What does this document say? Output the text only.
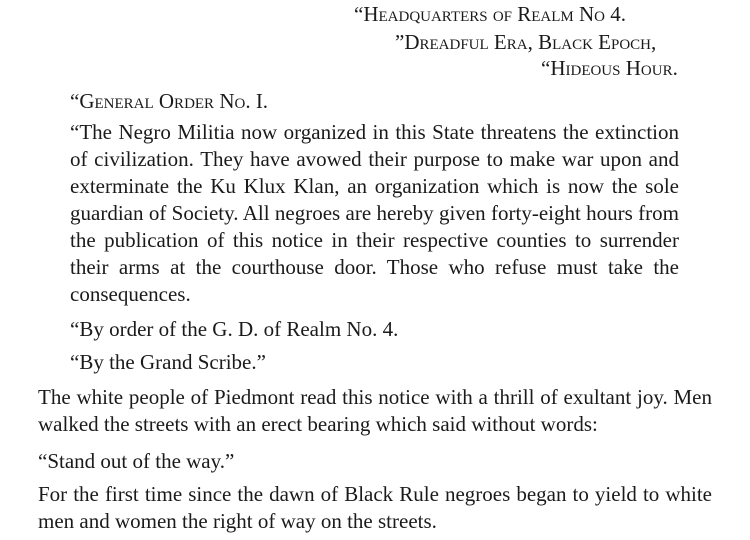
“Headquarters of Realm No 4.
”Dreadful Era, Black Epoch,
“Hideous Hour.
“General Order No. I.

“The Negro Militia now organized in this State threatens the extinction of civilization. They have avowed their purpose to make war upon and exterminate the Ku Klux Klan, an organization which is now the sole guardian of Society. All negroes are hereby given forty-eight hours from the publication of this notice in their respective counties to surrender their arms at the courthouse door. Those who refuse must take the consequences.

“By order of the G. D. of Realm No. 4.
“By the Grand Scribe.”

The white people of Piedmont read this notice with a thrill of exultant joy. Men walked the streets with an erect bearing which said without words:

“Stand out of the way.”

For the first time since the dawn of Black Rule negroes began to yield to white men and women the right of way on the streets.
